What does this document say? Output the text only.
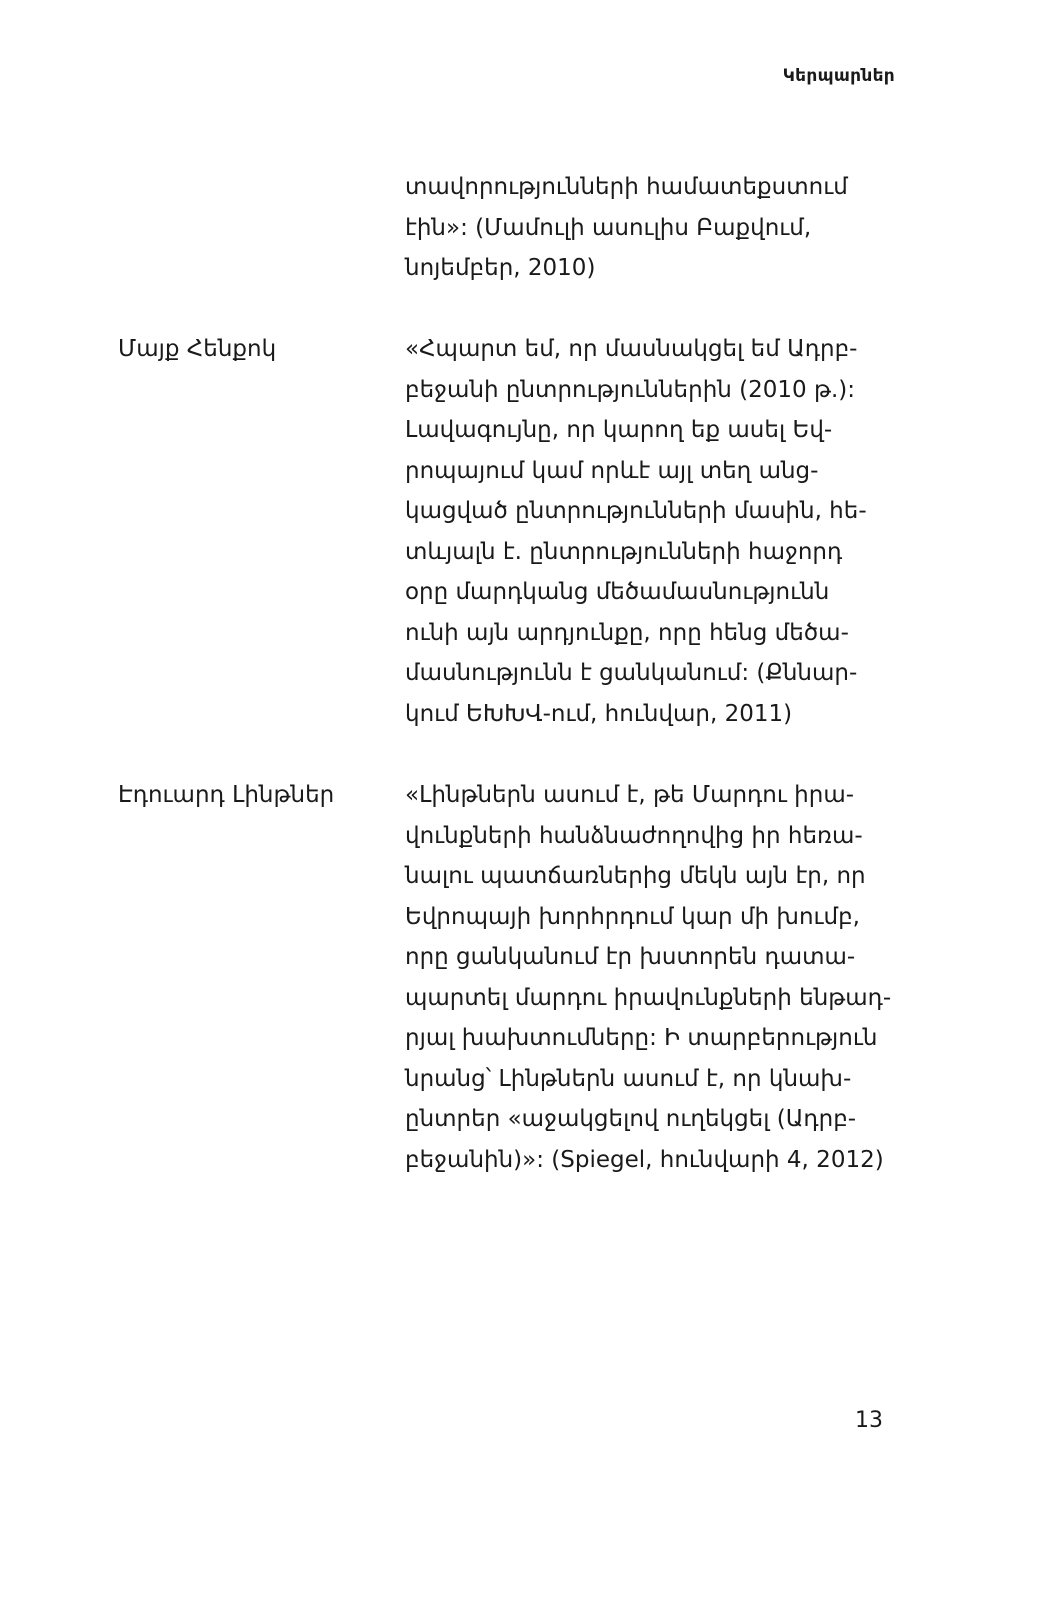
Կերպարներ
տավորությունների համատեքստում
էին»: (Մամուլի ասուլիս Բաքվում,
նոյեմբեր, 2010)
Մայք Հենքոկ	«Հպարտ եմ, որ մասնակցել եմ Ադրբ-
բեջանի ընտրություններին (2010 թ.):
Լավագույնը, որ կարող եք ասել Եվ-
րոպայում կամ որևէ այլ տեղ անց-
կացված ընտրությունների մասին, հե-
տևյալն է. ընտրությունների հաջորդ
օրը մարդկանց մեծամասնությունն
ունի այն արդյունքը, որը հենց մեծա-
մասնությունն է ցանկանում: (Քննար-
կում ԵԽԽՎ-ում, հունվար, 2011)
Էդուարդ Լինթներ	«Լինթներն ասում է, թե Մարդու իրա-
վունքների հանձնաժողովից իր հեռա-
նալու պատճառներից մեկն այն էր, որ
Եվրոպայի խորհրդում կար մի խումբ,
որը ցանկանում էր խստորեն դատա-
պարտել մարդու իրավունքների ենթադ-
րյալ խախտումները: Ի տարբերություն
նրանց՝ Լինթներն ասում է, որ կնախ-
ընտրեր «աջակցելով ուղեկցել (Ադրբ-
բեջանին)»: (Spiegel, հունվարի 4, 2012)
13
